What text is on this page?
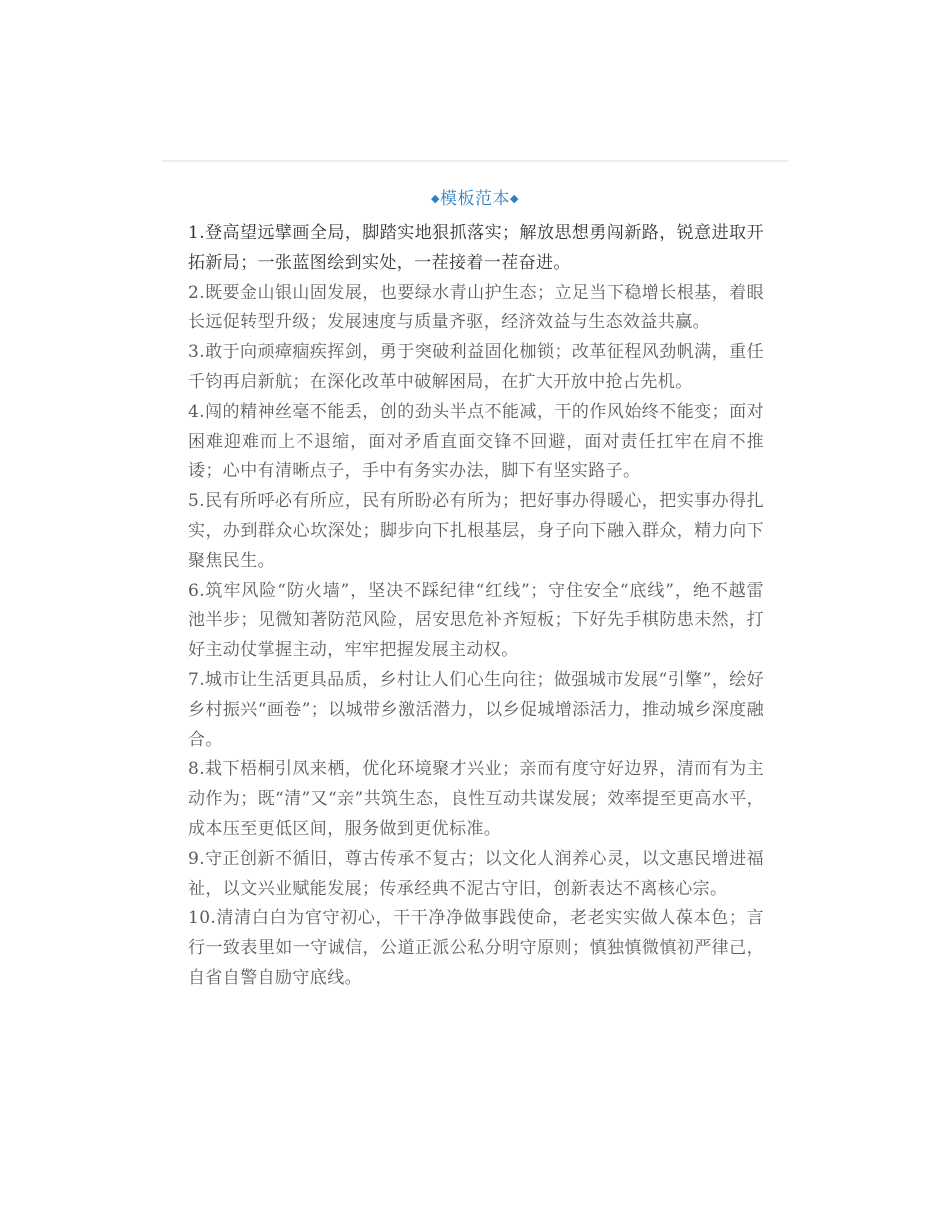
◆模板范本◆

1.登高望远擘画全局，脚踏实地狠抓落实；解放思想勇闯新路，锐意进取开拓新局；一张蓝图绘到实处，一茬接着一茬奋进。

2.既要金山银山固发展，也要绿水青山护生态；立足当下稳增长根基，着眼长远促转型升级；发展速度与质量齐驱，经济效益与生态效益共赢。

3.敢于向顽瘴痼疾挥剑，勇于突破利益固化枷锁；改革征程风劲帆满，重任千钧再启新航；在深化改革中破解困局，在扩大开放中抢占先机。

4.闯的精神丝毫不能丢，创的劲头半点不能减，干的作风始终不能变；面对困难迎难而上不退缩，面对矛盾直面交锋不回避，面对责任扛牢在肩不推诿；心中有清晰点子，手中有务实办法，脚下有坚实路子。

5.民有所呼必有所应，民有所盼必有所为；把好事办得暖心，把实事办得扎实，办到群众心坎深处；脚步向下扎根基层，身子向下融入群众，精力向下聚焦民生。

6.筑牢风险“防火墙”，坚决不踩纪律“红线”；守住安全“底线”，绝不越雷池半步；见微知著防范风险，居安思危补齐短板；下好先手棋防患未然，打好主动仗掌握主动，牢牢把握发展主动权。

7.城市让生活更具品质，乡村让人们心生向往；做强城市发展“引擎”，绘好乡村振兴“画卷”；以城带乡激活潜力，以乡促城增添活力，推动城乡深度融合。

8.栽下梧桐引凤来栖，优化环境聚才兴业；亲而有度守好边界，清而有为主动作为；既“清”又“亲”共筑生态，良性互动共谋发展；效率提至更高水平，成本压至更低区间，服务做到更优标准。

9.守正创新不循旧，尊古传承不复古；以文化人润养心灵，以文惠民增进福祉，以文兴业赋能发展；传承经典不泥古守旧，创新表达不离核心宗。

10.清清白白为官守初心，干干净净做事践使命，老老实实做人葆本色；言行一致表里如一守诚信，公道正派公私分明守原则；慎独慎微慎初严律己，自省自警自励守底线。
